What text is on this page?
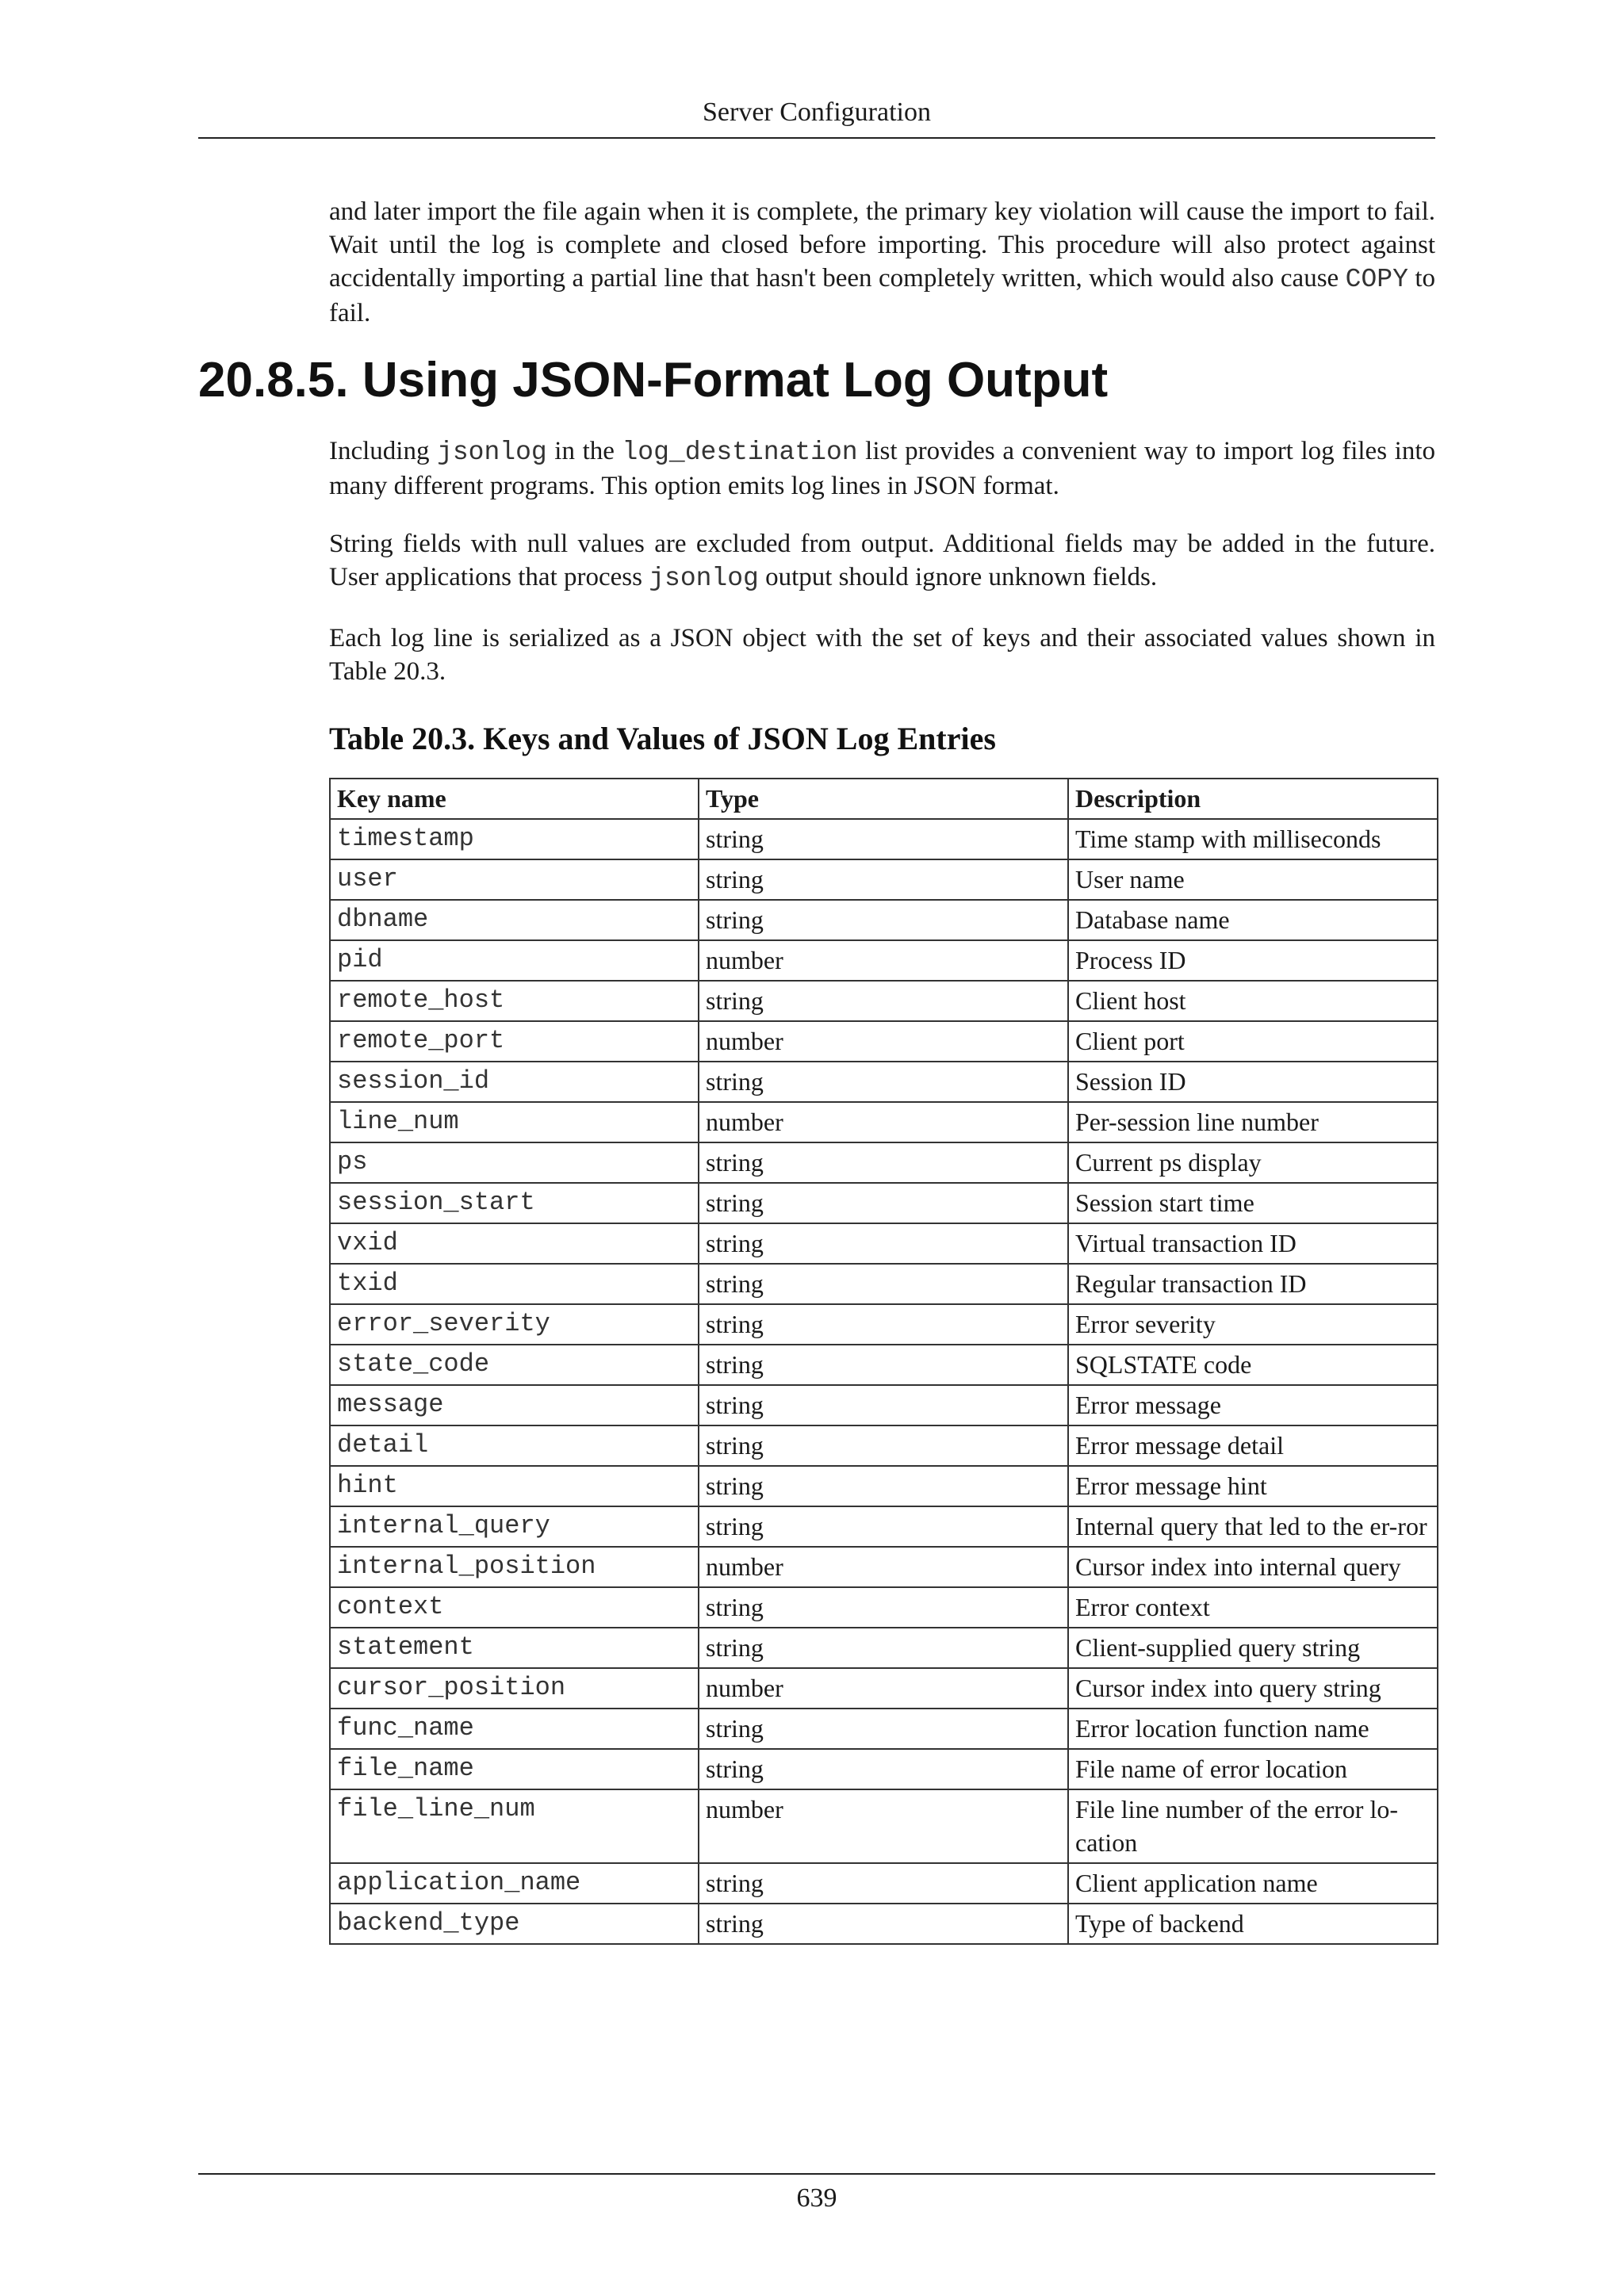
Server Configuration

and later import the file again when it is complete, the primary key violation will cause the import to fail. Wait until the log is complete and closed before importing. This procedure will also protect against accidentally importing a partial line that hasn't been completely written, which would also cause COPY to fail.

20.8.5. Using JSON-Format Log Output

Including jsonlog in the log_destination list provides a convenient way to import log files into many different programs. This option emits log lines in JSON format.

String fields with null values are excluded from output. Additional fields may be added in the future. User applications that process jsonlog output should ignore unknown fields.

Each log line is serialized as a JSON object with the set of keys and their associated values shown in Table 20.3.

Table 20.3. Keys and Values of JSON Log Entries
Key name	Type	Description
timestamp	string	Time stamp with milliseconds
user	string	User name
dbname	string	Database name
pid	number	Process ID
remote_host	string	Client host
remote_port	number	Client port
session_id	string	Session ID
line_num	number	Per-session line number
ps	string	Current ps display
session_start	string	Session start time
vxid	string	Virtual transaction ID
txid	string	Regular transaction ID
error_severity	string	Error severity
state_code	string	SQLSTATE code
message	string	Error message
detail	string	Error message detail
hint	string	Error message hint
internal_query	string	Internal query that led to the er-ror
internal_position	number	Cursor index into internal query
context	string	Error context
statement	string	Client-supplied query string
cursor_position	number	Cursor index into query string
func_name	string	Error location function name
file_name	string	File name of error location
file_line_num	number	File line number of the error lo-cation
application_name	string	Client application name
backend_type	string	Type of backend
639
